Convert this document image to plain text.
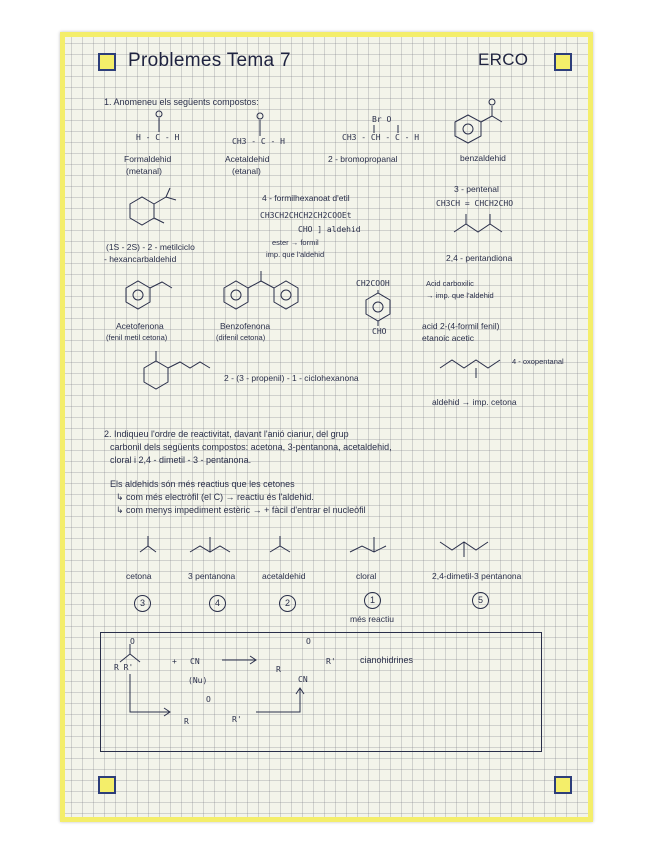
Problemes Tema 7	ERCO
1. Anomeneu els següents compostos:
H - C - H
Formaldehid
(metanal)
CH3 - C - H
Acetaldehid
(etanal)
Br O
CH3 - CH - C - H
2 - bromopropanal	benzaldehid
(1S - 2S) - 2 - metilciclo
- hexancarbaldehid
4 - formilhexanoat d'etil
CH3CH2CHCH2CH2COOEt
CHO ] aldehid
ester → formil
imp. que l'aldehid
3 - pentenal
CH3CH = CHCH2CHO
2,4 - pentandiona
Acetofenona
(fenil metil cetona)
Benzofenona
(difenil cetona)
CH2COOH
CHO
Acid carboxilic
→ imp. que l'aldehid
acid 2-(4-formil fenil)
etanoic acetic
2 - (3 - propenil) - 1 - ciclohexanona
4 - oxopentanal
aldehid → imp. cetona
2. Indiqueu l'ordre de reactivitat, davant l'anió cianur, del grup
carbonil dels següents compostos: acetona, 3-pentanona, acetaldehid,
cloral i 2,4 - dimetil - 3 - pentanona.
Els aldehids són més reactius que les cetones
↳ com més electròfil (el C) → reactiu és l'aldehid.
↳ com menys impediment estèric → + fàcil d'entrar el nucleòfil
cetona
3
3 pentanona
4
acetaldehid
2
cloral
1
més reactiu
2,4-dimetil-3 pentanona
5
O
R R'
+ CN
(Nu)
O
R
CN
R'	cianohidrines
O
R	R'
